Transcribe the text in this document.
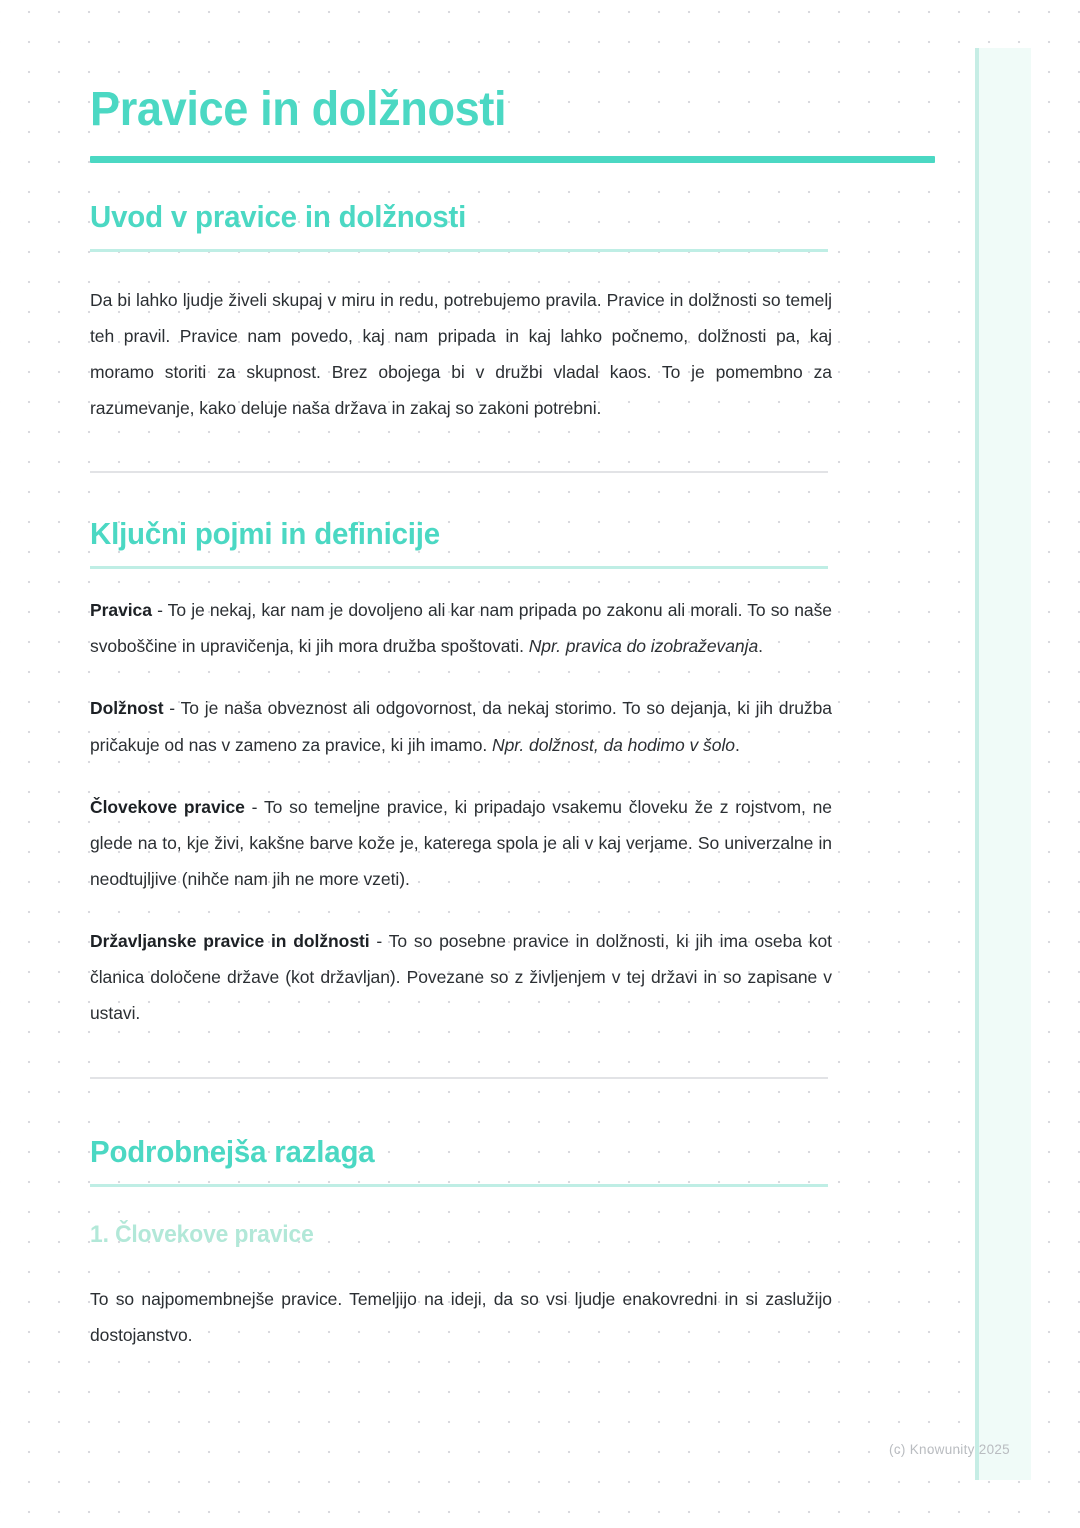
Pravice in dolžnosti
Uvod v pravice in dolžnosti

Da bi lahko ljudje živeli skupaj v miru in redu, potrebujemo pravila. Pravice in dolžnosti so temelj teh pravil. Pravice nam povedo, kaj nam pripada in kaj lahko počnemo, dolžnosti pa, kaj moramo storiti za skupnost. Brez obojega bi v družbi vladal kaos. To je pomembno za razumevanje, kako deluje naša država in zakaj so zakoni potrebni.

Ključni pojmi in definicije

Pravica - To je nekaj, kar nam je dovoljeno ali kar nam pripada po zakonu ali morali. To so naše svoboščine in upravičenja, ki jih mora družba spoštovati. Npr. pravica do izobraževanja.

Dolžnost - To je naša obveznost ali odgovornost, da nekaj storimo. To so dejanja, ki jih družba pričakuje od nas v zameno za pravice, ki jih imamo. Npr. dolžnost, da hodimo v šolo.

Človekove pravice - To so temeljne pravice, ki pripadajo vsakemu človeku že z rojstvom, ne glede na to, kje živi, kakšne barve kože je, katerega spola je ali v kaj verjame. So univerzalne in neodtujljive (nihče nam jih ne more vzeti).

Državljanske pravice in dolžnosti - To so posebne pravice in dolžnosti, ki jih ima oseba kot članica določene države (kot državljan). Povezane so z življenjem v tej državi in so zapisane v ustavi.

Podrobnejša razlaga
1. Človekove pravice

To so najpomembnejše pravice. Temeljijo na ideji, da so vsi ljudje enakovredni in si zaslužijo dostojanstvo.

(c) Knowunity 2025
